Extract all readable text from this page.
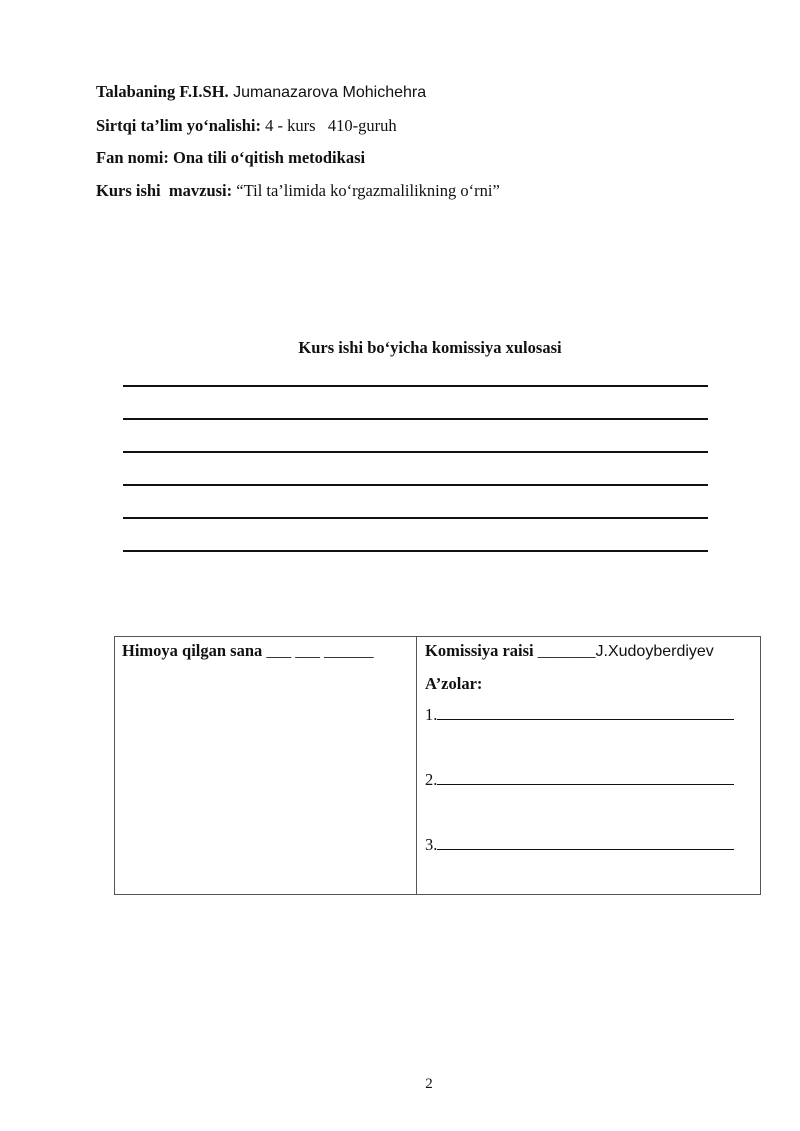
Talabaning F.I.SH. Jumanazarova Mohichehra
Sirtqi ta’lim yo‘nalishi: 4 - kurs   410-guruh
Fan nomi: Ona tili o‘qitish metodikasi
Kurs ishi  mavzusi: “Til ta’limida ko‘rgazmalilikning o‘rni”
Kurs ishi bo‘yicha komissiya xulosasi
Himoya qilgan sana ___ ___ ______	Komissiya raisi _______J.Xudoyberdiyev
A’zolar:
1.
2.
3.
2
